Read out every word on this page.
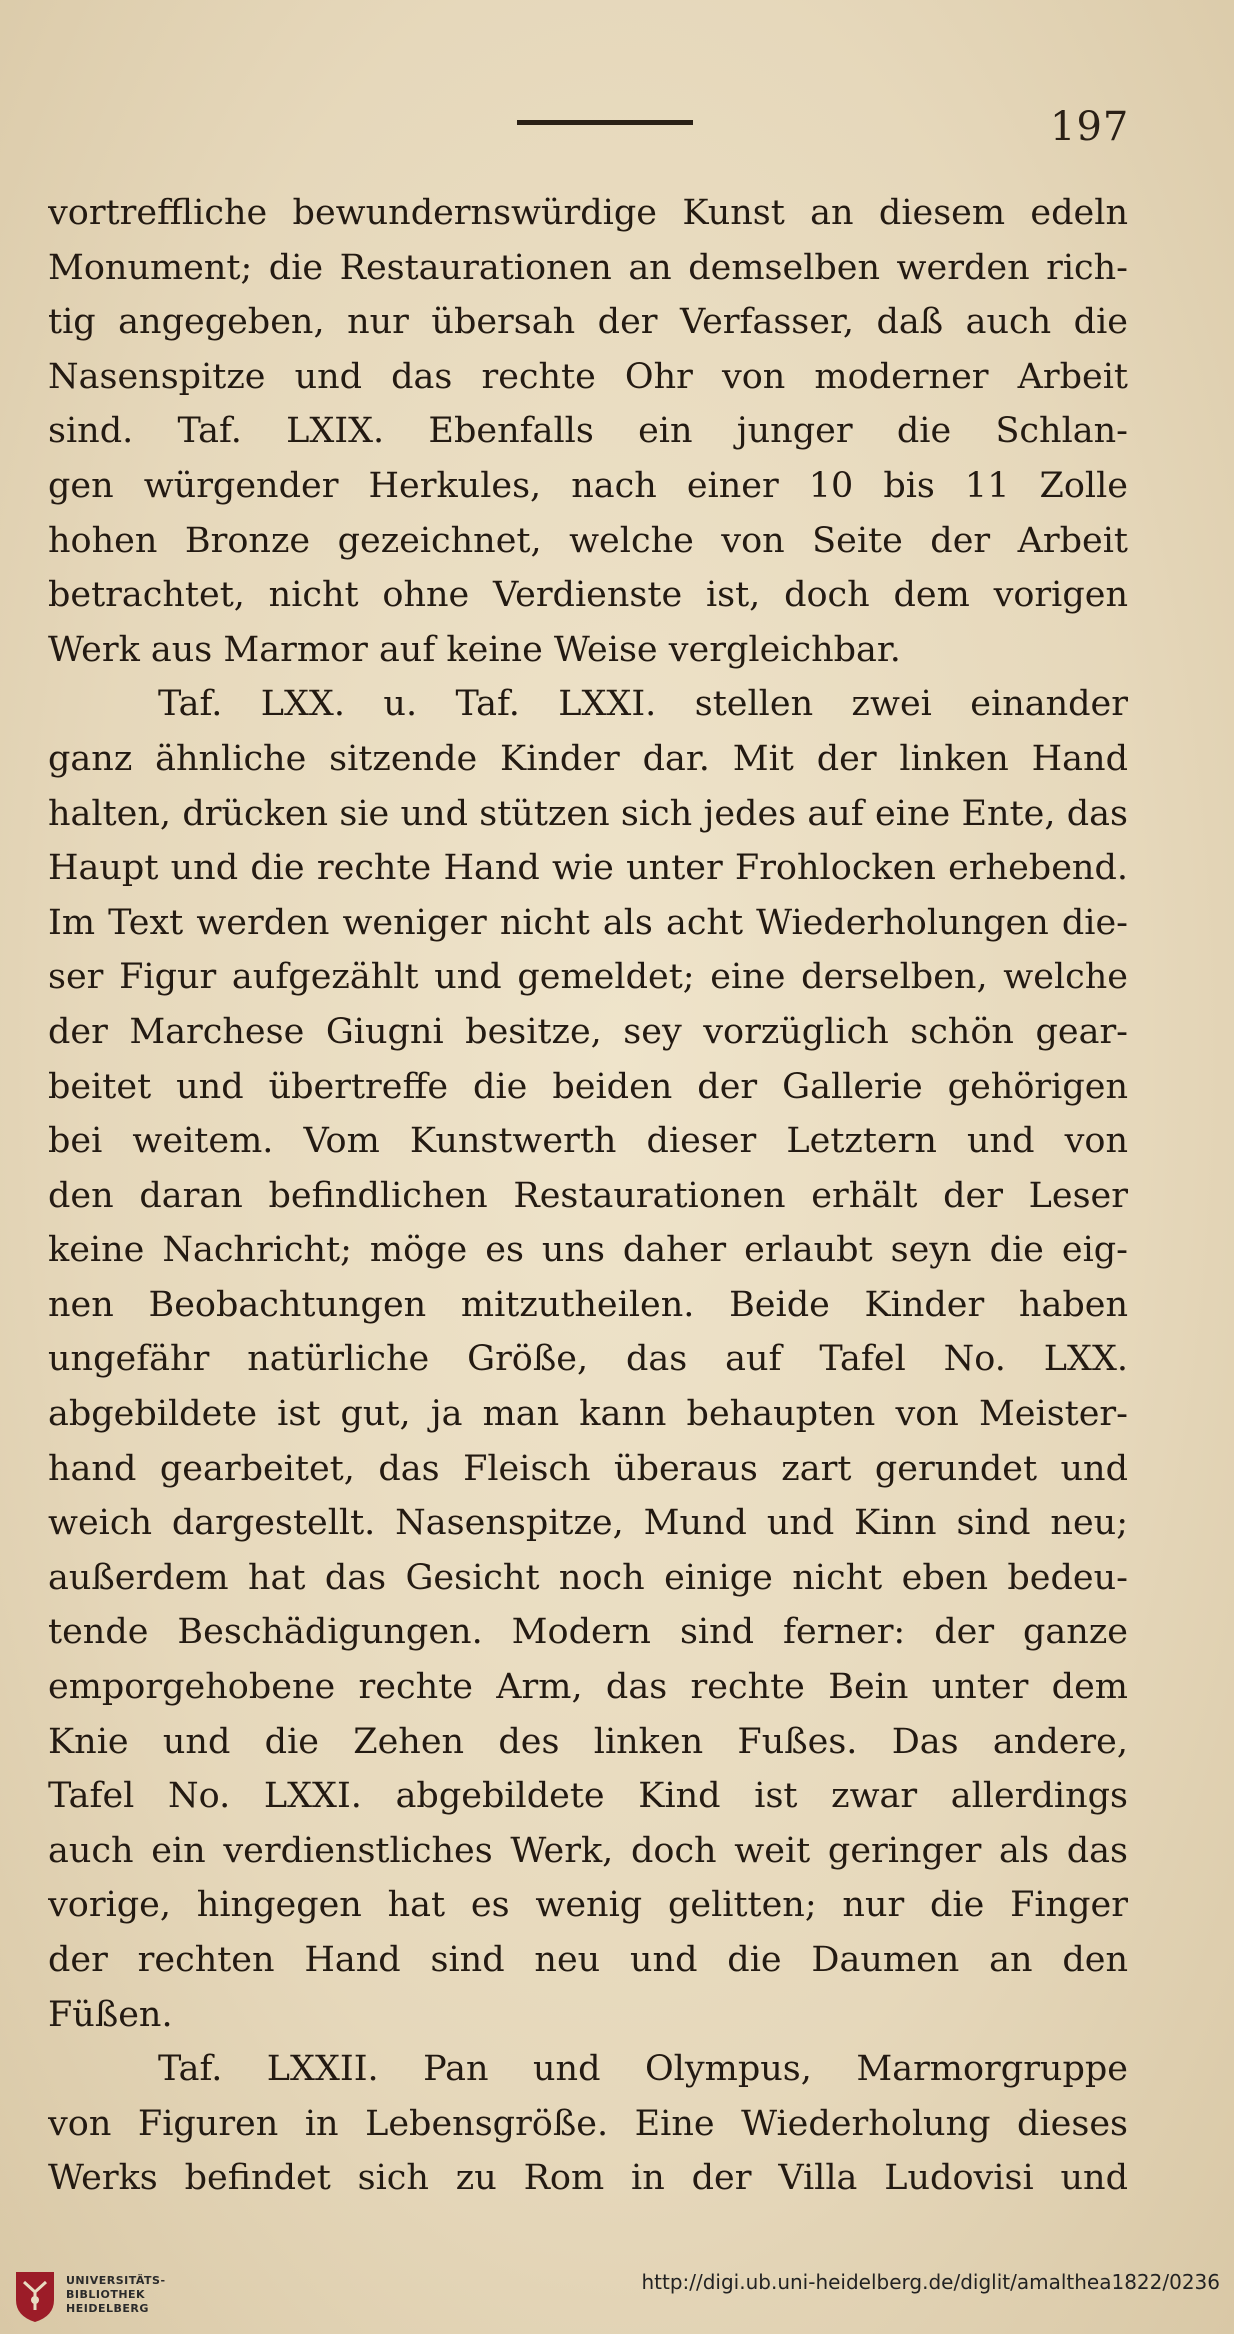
197
vortreffliche bewundernswürdige Kunst an diesem edeln
Monument; die Restaurationen an demselben werden rich-
tig angegeben, nur übersah der Verfasser, daß auch die
Nasenspitze und das rechte Ohr von moderner Arbeit
sind. Taf. LXIX. Ebenfalls ein junger die Schlan-
gen würgender Herkules, nach einer 10 bis 11 Zolle
hohen Bronze gezeichnet, welche von Seite der Arbeit
betrachtet, nicht ohne Verdienste ist, doch dem vorigen
Werk aus Marmor auf keine Weise vergleichbar.
Taf. LXX. u. Taf. LXXI. stellen zwei einander
ganz ähnliche sitzende Kinder dar. Mit der linken Hand
halten, drücken sie und stützen sich jedes auf eine Ente, das
Haupt und die rechte Hand wie unter Frohlocken erhebend.
Im Text werden weniger nicht als acht Wiederholungen die-
ser Figur aufgezählt und gemeldet; eine derselben, welche
der Marchese Giugni besitze, sey vorzüglich schön gear-
beitet und übertreffe die beiden der Gallerie gehörigen
bei weitem. Vom Kunstwerth dieser Letztern und von
den daran befindlichen Restaurationen erhält der Leser
keine Nachricht; möge es uns daher erlaubt seyn die eig-
nen Beobachtungen mitzutheilen. Beide Kinder haben
ungefähr natürliche Größe, das auf Tafel No. LXX.
abgebildete ist gut, ja man kann behaupten von Meister-
hand gearbeitet, das Fleisch überaus zart gerundet und
weich dargestellt. Nasenspitze, Mund und Kinn sind neu;
außerdem hat das Gesicht noch einige nicht eben bedeu-
tende Beschädigungen. Modern sind ferner: der ganze
emporgehobene rechte Arm, das rechte Bein unter dem
Knie und die Zehen des linken Fußes. Das andere,
Tafel No. LXXI. abgebildete Kind ist zwar allerdings
auch ein verdienstliches Werk, doch weit geringer als das
vorige, hingegen hat es wenig gelitten; nur die Finger
der rechten Hand sind neu und die Daumen an den
Füßen.
Taf. LXXII. Pan und Olympus, Marmorgruppe
von Figuren in Lebensgröße. Eine Wiederholung dieses
Werks befindet sich zu Rom in der Villa Ludovisi und
UNIVERSITÄTS-
BIBLIOTHEK
HEIDELBERG
http://digi.ub.uni-heidelberg.de/diglit/amalthea1822/0236
